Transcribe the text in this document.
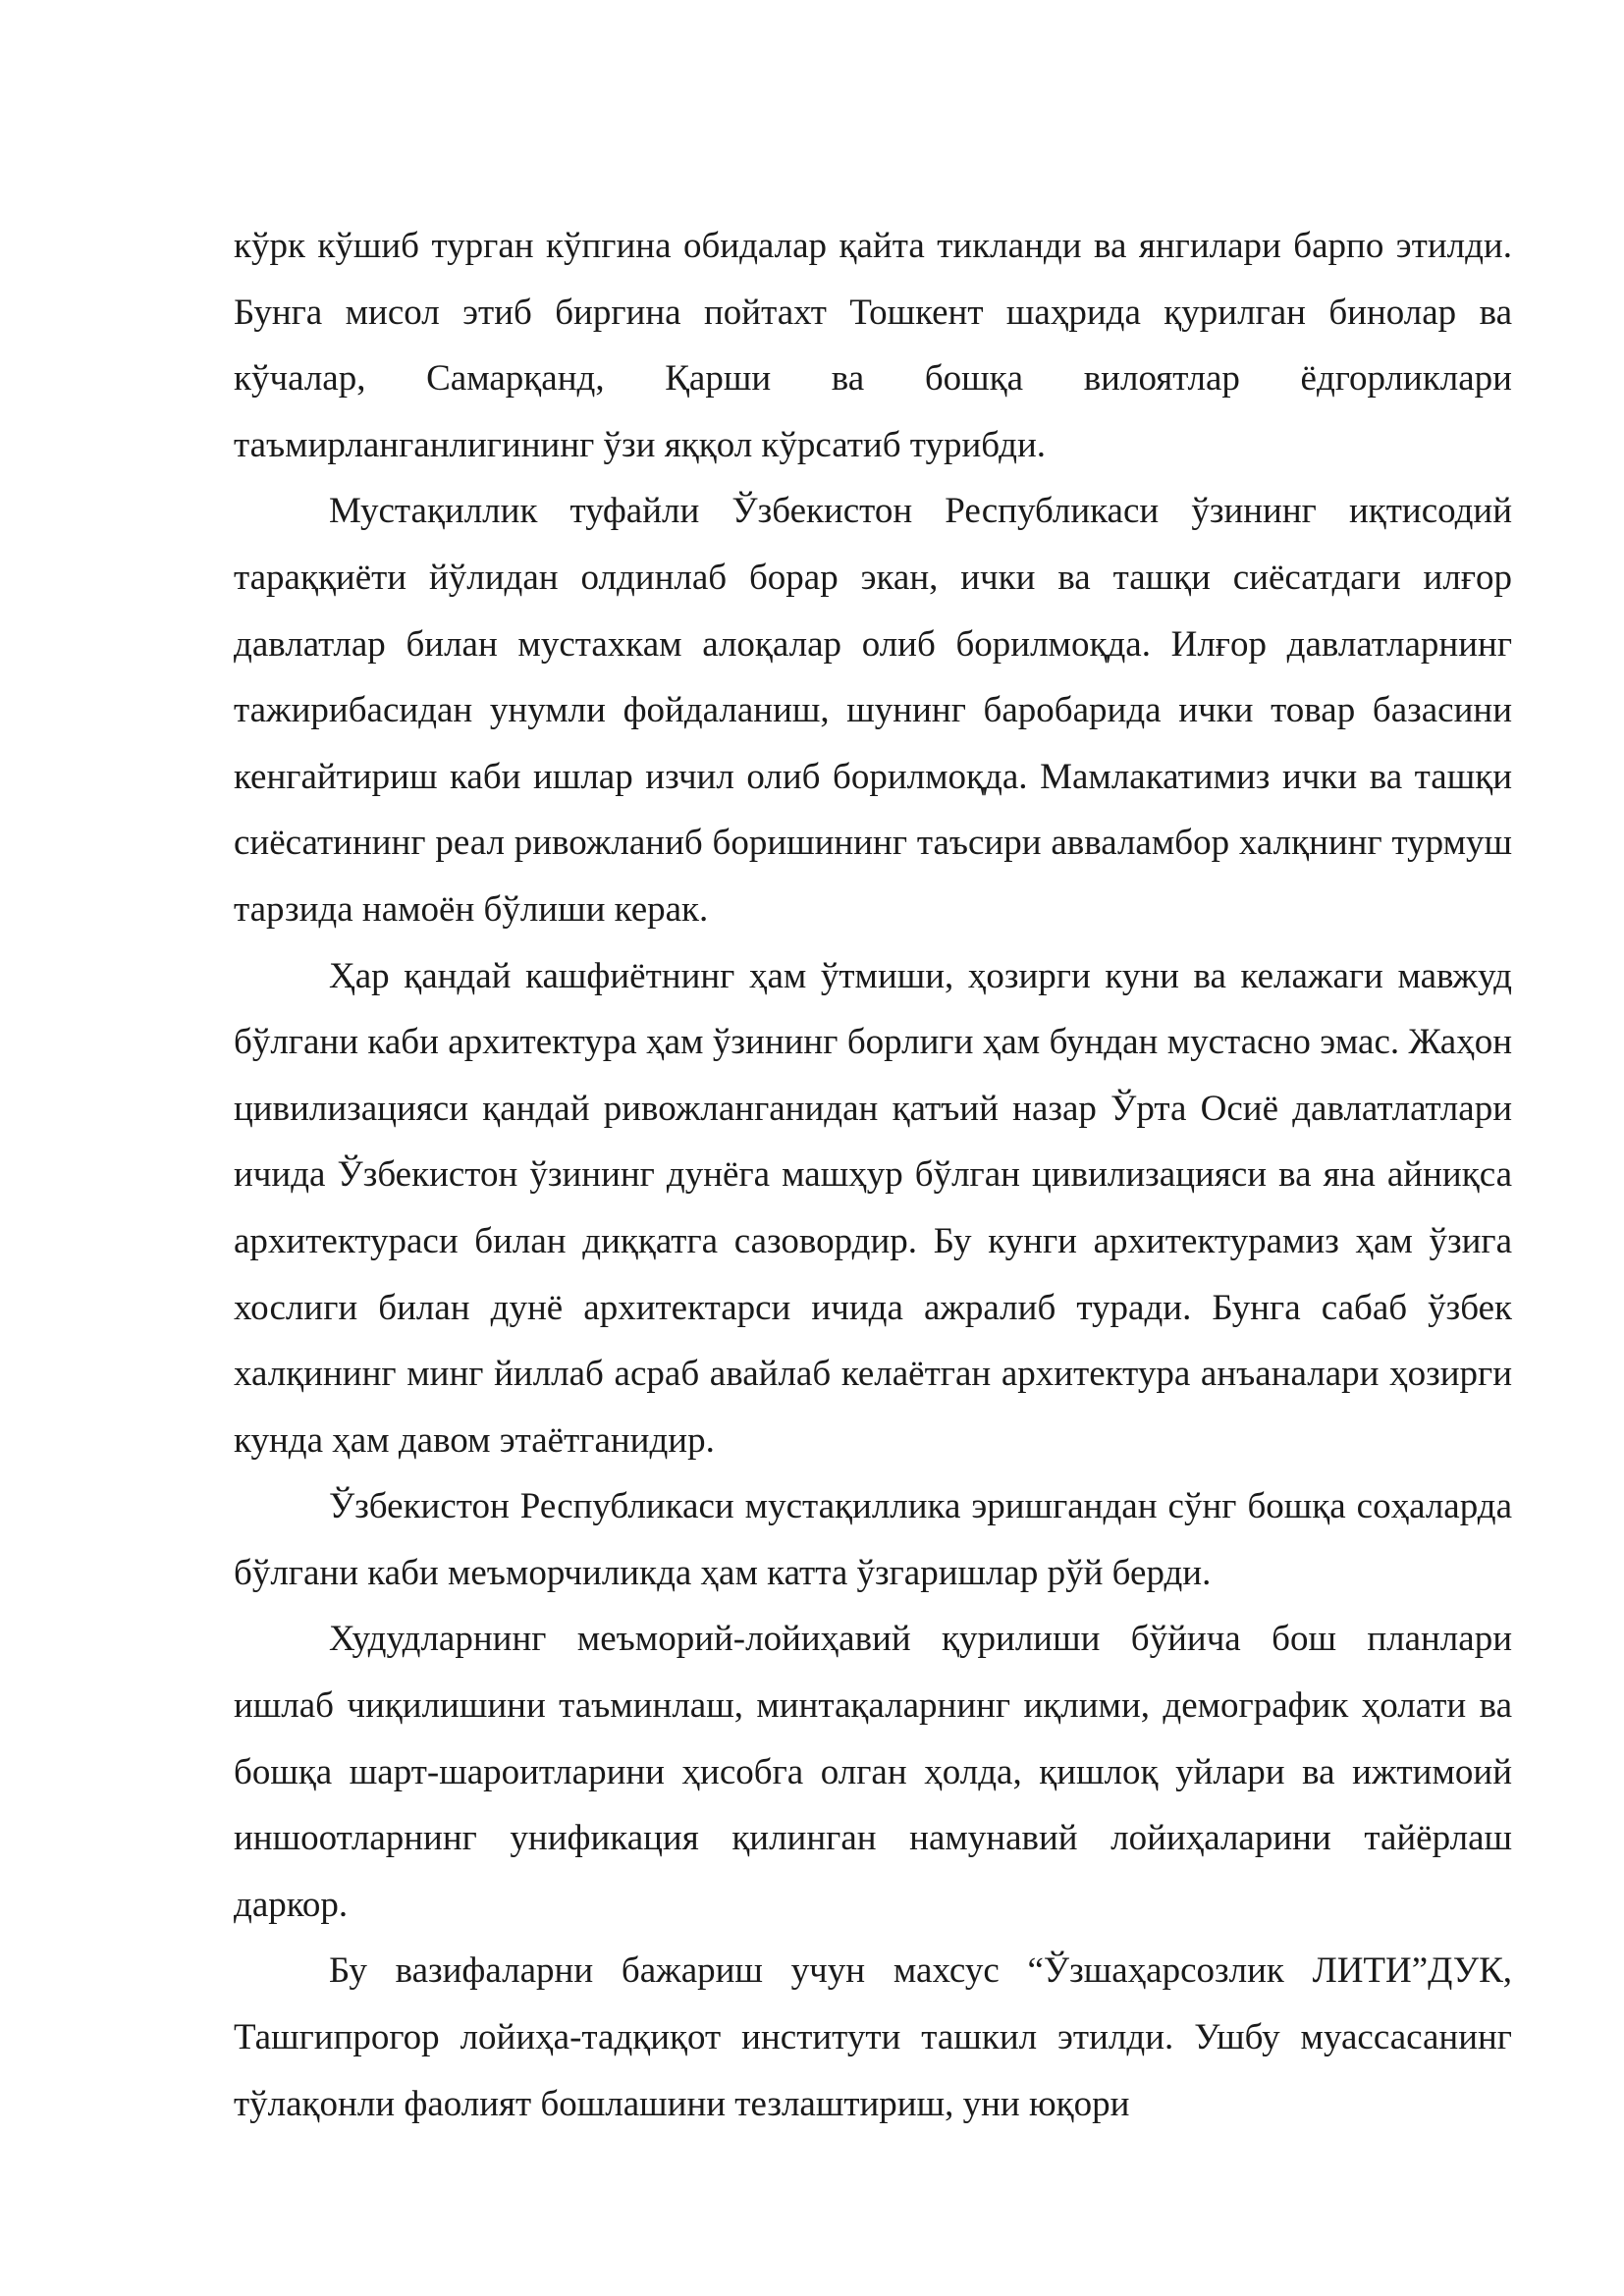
кўрк кўшиб турган кўпгина обидалар қайта тикланди ва янгилари барпо этилди. Бунга мисол этиб биргина пойтахт Тошкент шаҳрида қурилган бинолар ва кўчалар, Самарқанд, Қарши ва бошқа вилоятлар ёдгорликлари таъмирланганлигининг ўзи яққол кўрсатиб турибди.

Мустақиллик туфайли Ўзбекистон Республикаси ўзининг иқтисодий тараққиёти йўлидан олдинлаб борар экан, ички ва ташқи сиёсатдаги илғор давлатлар билан мустахкам алоқалар олиб борилмоқда. Илғор давлатларнинг тажирибасидан унумли фойдаланиш, шунинг баробарида ички товар базасини кенгайтириш каби ишлар изчил олиб борилмоқда. Мамлакатимиз ички ва ташқи сиёсатининг реал ривожланиб боришининг таъсири авваламбор халқнинг турмуш тарзида намоён бўлиши керак.

Ҳар қандай кашфиётнинг ҳам ўтмиши, ҳозирги куни ва келажаги мавжуд бўлгани каби архитектура ҳам ўзининг борлиги ҳам бундан мустасно эмас. Жаҳон цивилизацияси қандай ривожланганидан қатъий назар Ўрта Осиё давлатлатлари ичида Ўзбекистон ўзининг дунёга машҳур бўлган цивилизацияси ва яна айниқса архитектураси билан диққатга сазовордир. Бу кунги архитектурамиз ҳам ўзига хослиги билан дунё архитектарси ичида ажралиб туради. Бунга сабаб ўзбек халқининг минг йиллаб асраб авайлаб келаётган архитектура анъаналари ҳозирги кунда ҳам давом этаётганидир.

Ўзбекистон Республикаси мустақиллика эришгандан сўнг бошқа соҳаларда бўлгани каби меъморчиликда ҳам катта ўзгаришлар рўй берди.

Худудларнинг меъморий-лойиҳавий қурилиши бўйича бош планлари ишлаб чиқилишини таъминлаш, минтақаларнинг иқлими, демографик ҳолати ва бошқа шарт-шароитларини ҳисобга олган ҳолда, қишлоқ уйлари ва ижтимоий иншоотларнинг унификация қилинган намунавий лойиҳаларини тайёрлаш даркор.

Бу вазифаларни бажариш учун махсус “Ўзшаҳарсозлик ЛИТИ”ДУК, Ташгипрогор лойиҳа-тадқиқот институти ташкил этилди. Ушбу муассасанинг тўлақонли фаолият бошлашини тезлаштириш, уни юқори
